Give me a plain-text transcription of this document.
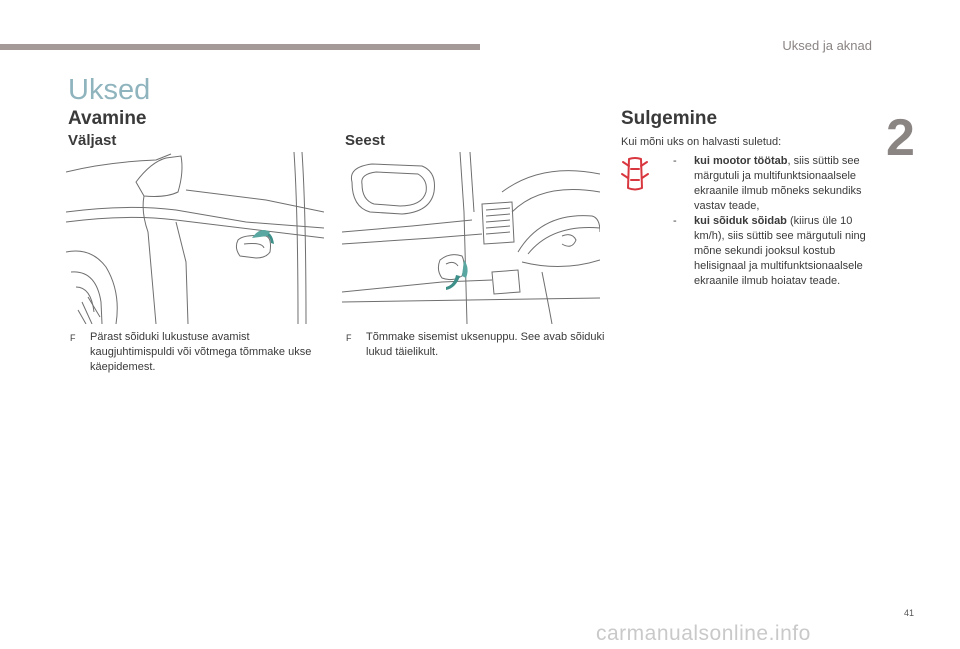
Uksed ja aknad
2
Uksed
Avamine
Väljast	Seest
Sulgemine
Kui mõni uks on halvasti suletud:
F	Pärast sõiduki lukustuse avamist kaugjuhtimispuldi või võtmega tõmmake ukse käepidemest.
F	Tõmmake sisemist uksenuppu. See avab sõiduki lukud täielikult.
-	kui mootor töötab, siis süttib see märgutuli ja multifunktsionaalsele ekraanile ilmub mõneks sekundiks vastav teade,
-	kui sõiduk sõidab (kiirus üle 10 km/h), siis süttib see märgutuli ning mõne sekundi jooksul kostub helisignaal ja multifunktsionaalsele ekraanile ilmub hoiatav teade.
41
carmanualsonline.info
